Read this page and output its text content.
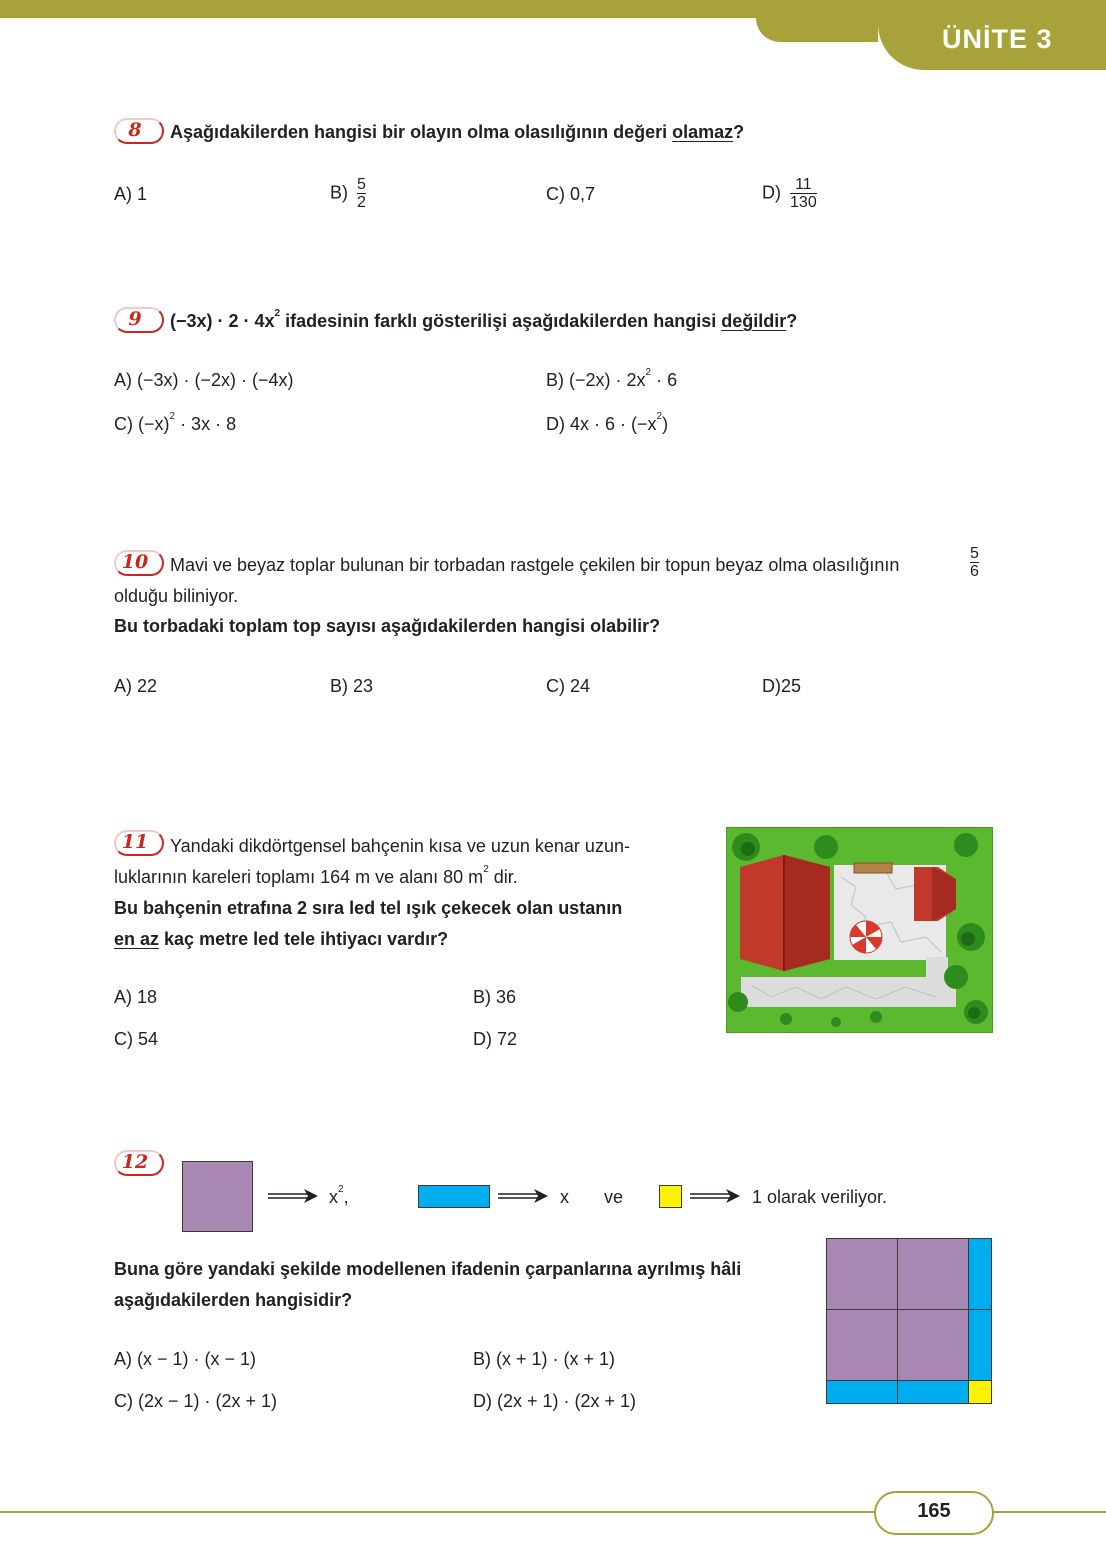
ÜNİTE 3
8	Aşağıdakilerden hangisi bir olayın olma olasılığının değeri olamaz?
A) 1	$B) \frac{5}{2}$	C) 0,7	$D) \frac{11}{130}$
9	$(-3x) \cdot 2 \cdot 4x^2$ ifadesinin farklı gösterilişi aşağıdakilerden hangisi değildir?
A) (−3x) · (−2x) · (−4x)	B) $(-2x) \cdot 2x^2 \cdot 6$
C) $(-x)^2 \cdot 3x \cdot 8$	D) $4x \cdot 6 \cdot (-x^2)$
10	Mavi ve beyaz toplar bulunan bir torbadan rastgele çekilen bir topun beyaz olma olasılığının	$\frac{5}{6}$
olduğu biliniyor.
Bu torbadaki toplam top sayısı aşağıdakilerden hangisi olabilir?
A) 22	B) 23	C) 24	D)25
11	Yandaki dikdörtgensel bahçenin kısa ve uzun kenar uzun-
luklarının kareleri toplamı 164 m ve alanı 80 $m^2$ dir.
Bu bahçenin etrafına 2 sıra led tel ışık çekecek olan ustanın
en az kaç metre led tele ihtiyacı vardır?
A) 18	B) 36
C) 54	D) 72
12
$x^2$,	x ve	1 olarak veriliyor.
Buna göre yandaki şekilde modellenen ifadenin çarpanlarına ayrılmış hâli
aşağıdakilerden hangisidir?
A) (x − 1) · (x − 1)	B) (x + 1) · (x + 1)
C) (2x − 1) · (2x + 1)	D) (2x + 1) · (2x + 1)
165
